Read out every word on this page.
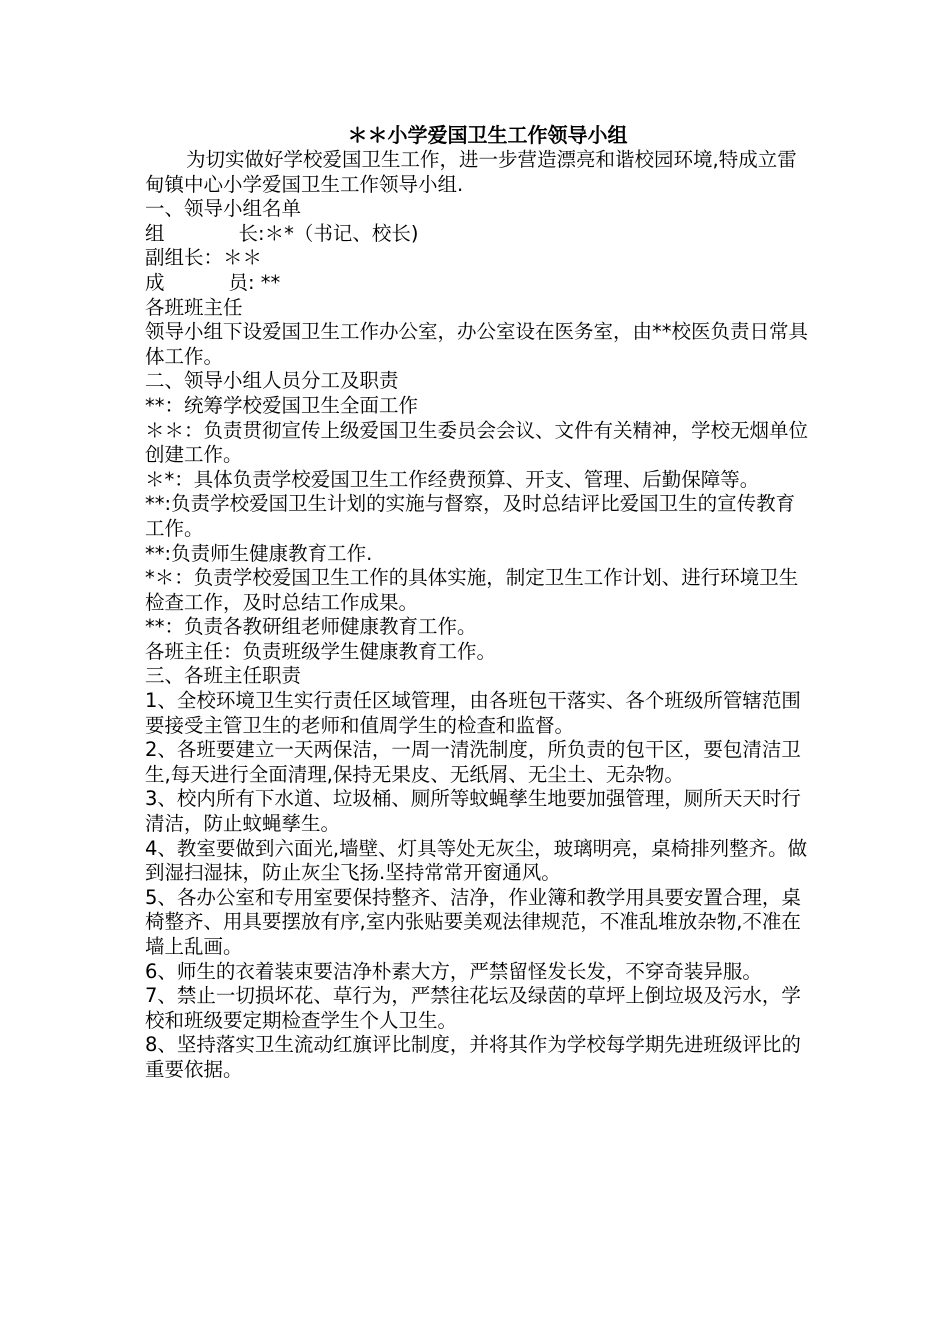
＊＊小学爱国卫生工作领导小组

为切实做好学校爱国卫生工作，进一步营造漂亮和谐校园环境,特成立雷甸镇中心小学爱国卫生工作领导小组.

一、领导小组名单

组	长 :＊*（书记、校长)

副组长：＊＊

成	员 : **

各班班主任

领导小组下设爱国卫生工作办公室，办公室设在医务室，由**校医负责日常具体工作。

二、领导小组人员分工及职责

**：统筹学校爱国卫生全面工作

＊＊：负责贯彻宣传上级爱国卫生委员会会议、文件有关精神，学校无烟单位创建工作。

＊*：具体负责学校爱国卫生工作经费预算、开支、管理、后勤保障等。

**:负责学校爱国卫生计划的实施与督察，及时总结评比爱国卫生的宣传教育工作。

**:负责师生健康教育工作.

*＊：负责学校爱国卫生工作的具体实施，制定卫生工作计划、进行环境卫生检查工作，及时总结工作成果。

**：负责各教研组老师健康教育工作。

各班主任：负责班级学生健康教育工作。

三、各班主任职责

1、全校环境卫生实行责任区域管理，由各班包干落实、各个班级所管辖范围要接受主管卫生的老师和值周学生的检查和监督。

2、各班要建立一天两保洁，一周一清洗制度，所负责的包干区，要包清洁卫生,每天进行全面清理,保持无果皮、无纸屑、无尘土、无杂物。

3、校内所有下水道、垃圾桶、厕所等蚊蝇孳生地要加强管理，厕所天天时行清洁，防止蚊蝇孳生。

4、教室要做到六面光,墙壁、灯具等处无灰尘，玻璃明亮，桌椅排列整齐。做到湿扫湿抹，防止灰尘飞扬.坚持常常开窗通风。

5、各办公室和专用室要保持整齐、洁净，作业簿和教学用具要安置合理，桌椅整齐、用具要摆放有序,室内张贴要美观法律规范，不准乱堆放杂物,不准在墙上乱画。

6、师生的衣着装束要洁净朴素大方，严禁留怪发长发，不穿奇装异服。

7、禁止一切损坏花、草行为，严禁往花坛及绿茵的草坪上倒垃圾及污水，学校和班级要定期检查学生个人卫生。

8、坚持落实卫生流动红旗评比制度，并将其作为学校每学期先进班级评比的重要依据。
